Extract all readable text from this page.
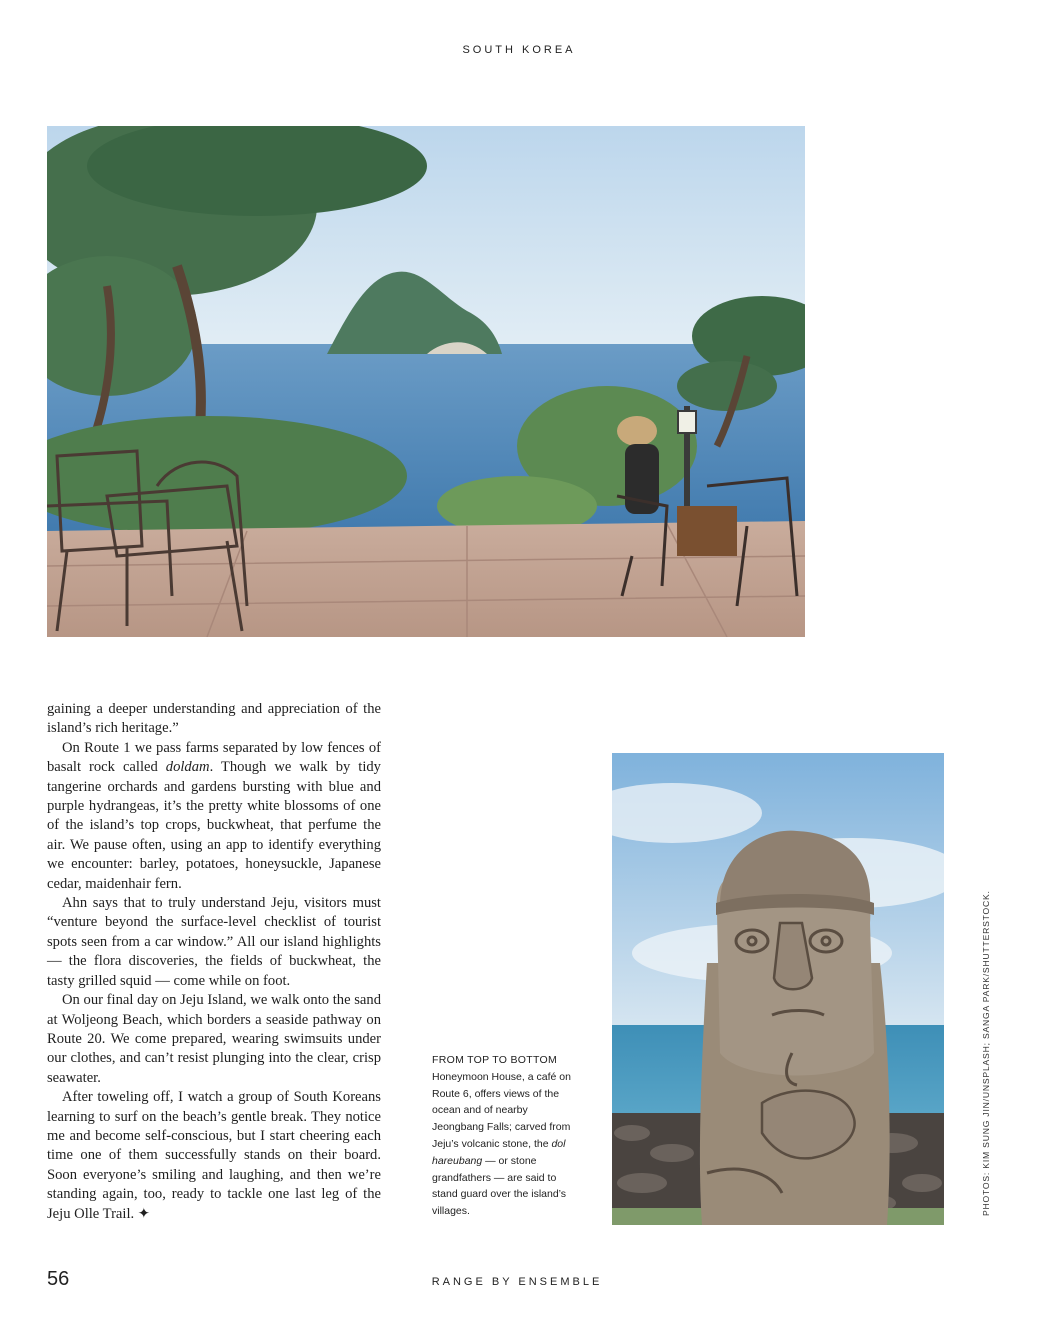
SOUTH KOREA

gaining a deeper understanding and appreciation of the island’s rich heritage.”

On Route 1 we pass farms separated by low fences of basalt rock called doldam. Though we walk by tidy tangerine orchards and gardens bursting with blue and purple hydrangeas, it’s the pretty white blossoms of one of the island’s top crops, buckwheat, that perfume the air. We pause often, using an app to identify everything we encounter: barley, potatoes, honeysuckle, Japanese cedar, maidenhair fern.

Ahn says that to truly understand Jeju, visitors must “venture beyond the surface-level checklist of tourist spots seen from a car window.” All our island highlights — the flora discoveries, the fields of buckwheat, the tasty grilled squid — come while on foot.

On our final day on Jeju Island, we walk onto the sand at Woljeong Beach, which borders a seaside pathway on Route 20. We come prepared, wearing swimsuits under our clothes, and can’t resist plunging into the clear, crisp seawater.

After toweling off, I watch a group of South Koreans learning to surf on the beach’s gentle break. They notice me and become self-conscious, but I start cheering each time one of them successfully stands on their board. Soon everyone’s smiling and laughing, and then we’re standing again, too, ready to tackle one last leg of the Jeju Olle Trail. ✦

FROM TOP TO BOTTOM
Honeymoon House, a café on Route 6, offers views of the ocean and of nearby Jeongbang Falls; carved from Jeju’s volcanic stone, the dol hareubang — or stone grandfathers — are said to stand guard over the island’s villages.	PHOTOS: KIM SUNG JIN/UNSPLASH; SANGA PARK/SHUTTERSTOCK.
56	RANGE BY ENSEMBLE
